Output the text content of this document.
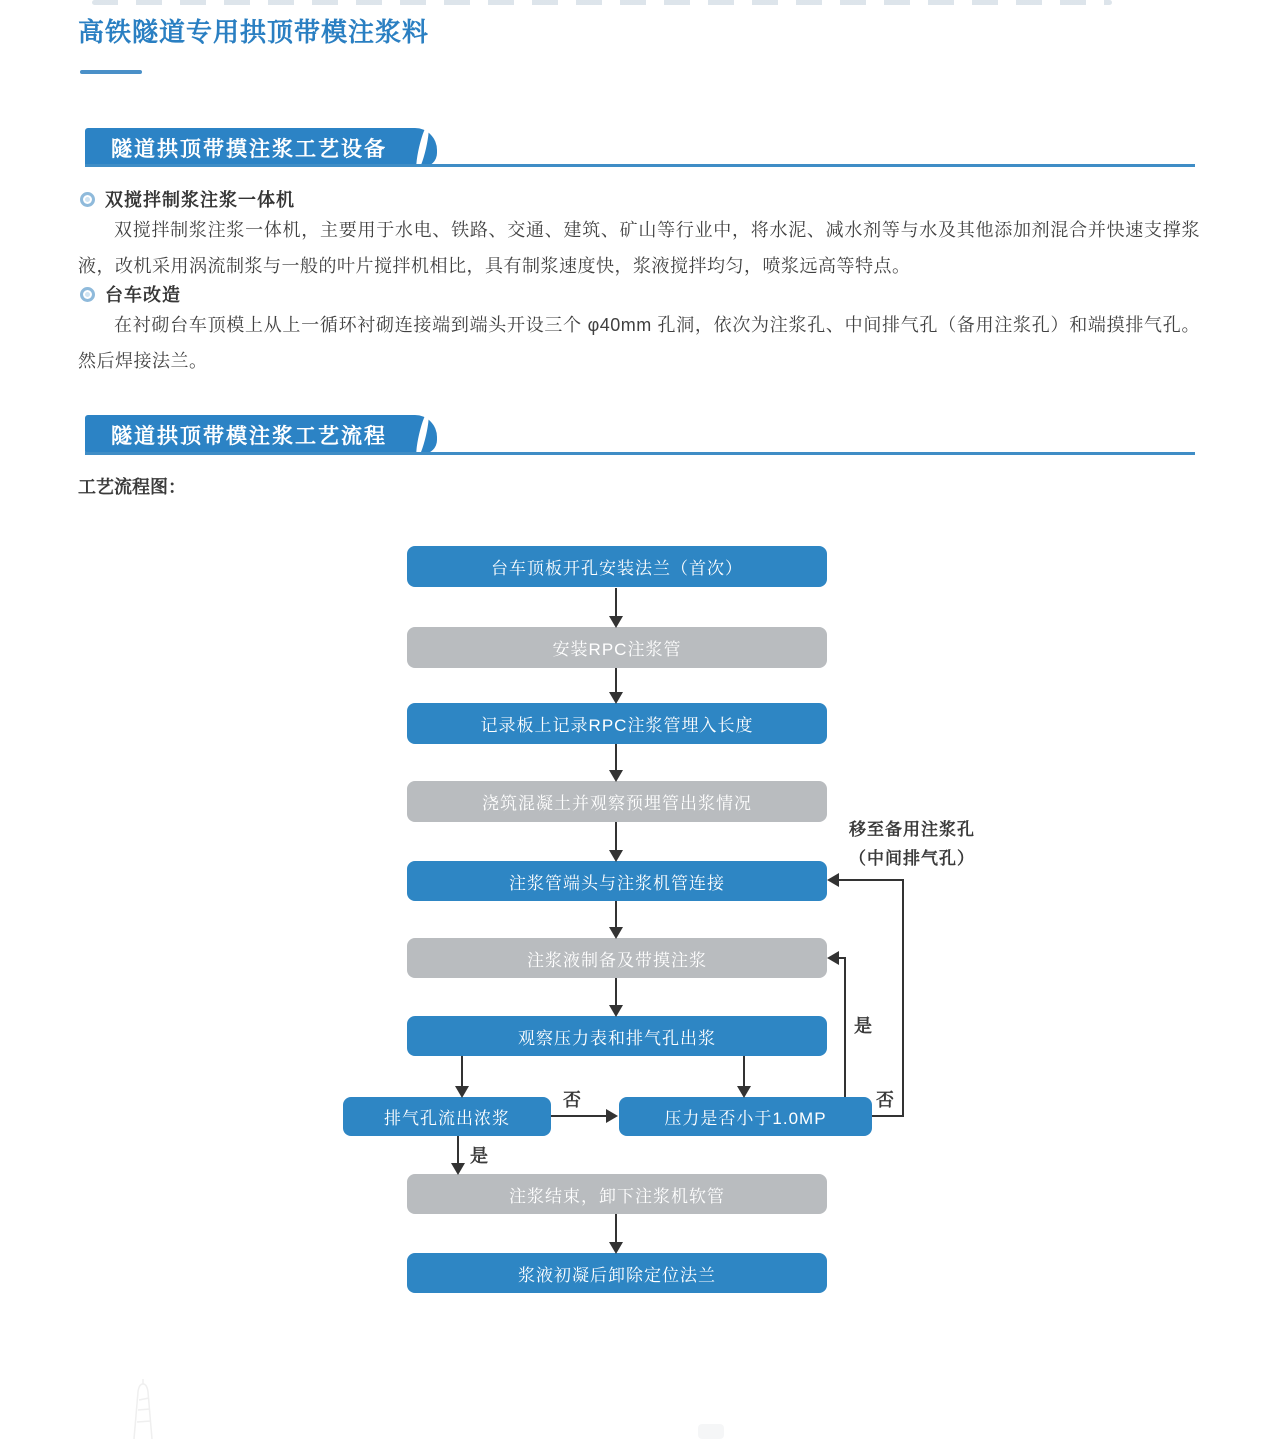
高铁隧道专用拱顶带模注浆料
隧道拱顶带摸注浆工艺设备
双搅拌制浆注浆一体机

双搅拌制浆注浆一体机，主要用于水电、铁路、交通、建筑、矿山等行业中，将水泥、减水剂等与水及其他添加剂混合并快速支撑浆液，改机采用涡流制浆与一般的叶片搅拌机相比，具有制浆速度快，浆液搅拌均匀，喷浆远高等特点。

台车改造

在衬砌台车顶模上从上一循环衬砌连接端到端头开设三个 φ40mm 孔洞，依次为注浆孔、中间排气孔（备用注浆孔）和端摸排气孔。然后焊接法兰。

隧道拱顶带模注浆工艺流程
工艺流程图：
台车顶板开孔安装法兰（首次）
安装RPC注浆管
记录板上记录RPC注浆管埋入长度
浇筑混凝土并观察预埋管出浆情况
注浆管端头与注浆机管连接
注浆液制备及带摸注浆
观察压力表和排气孔出浆
排气孔流出浓浆	压力是否小于1.0MP
注浆结束，卸下注浆机软管
浆液初凝后卸除定位法兰
否
是
否
是
移至备用注浆孔
（中间排气孔）
